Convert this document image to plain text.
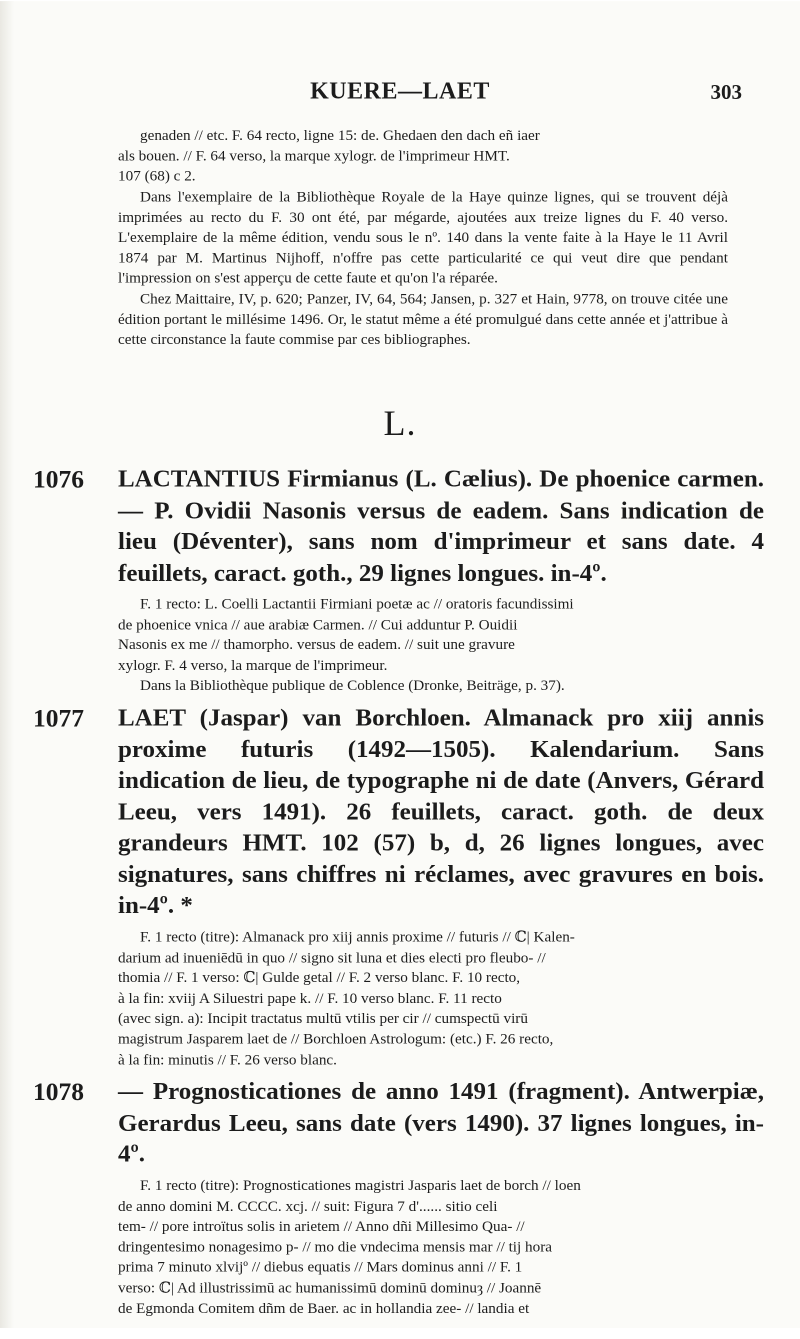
KUERE—LAET	303
genaden // etc. F. 64 recto, ligne 15: de. Ghedaen den dach eñ iaer
als bouen. // F. 64 verso, la marque xylogr. de l'imprimeur HMT.
107 (68) c 2.

Dans l'exemplaire de la Bibliothèque Royale de la Haye quinze lignes, qui se trouvent déjà imprimées au recto du F. 30 ont été, par mégarde, ajoutées aux treize lignes du F. 40 verso. L'exemplaire de la même édition, vendu sous le nº. 140 dans la vente faite à la Haye le 11 Avril 1874 par M. Martinus Nijhoff, n'offre pas cette particularité ce qui veut dire que pendant l'impression on s'est apperçu de cette faute et qu'on l'a réparée.

Chez Maittaire, IV, p. 620; Panzer, IV, 64, 564; Jansen, p. 327 et Hain, 9778, on trouve citée une édition portant le millésime 1496. Or, le statut même a été promulgué dans cette année et j'attribue à cette circonstance la faute commise par ces bibliographes.

L.
1076 LACTANTIUS Firmianus (L. Cælius). De phoenice carmen. — P. Ovidii Nasonis versus de eadem. Sans indication de lieu (Déventer), sans nom d'imprimeur et sans date. 4 feuillets, caract. goth., 29 lignes longues. in-4º.

F. 1 recto: L. Coelli Lactantii Firmiani poetæ ac // oratoris facundissimi
de phoenice vnica // aue arabiæ Carmen. // Cui adduntur P. Ouidii
Nasonis ex me // thamorpho. versus de eadem. // suit une gravure
xylogr. F. 4 verso, la marque de l'imprimeur.
Dans la Bibliothèque publique de Coblence (Dronke, Beiträge, p. 37).
1077 LAET (Jaspar) van Borchloen. Almanack pro xiij annis proxime futuris (1492—1505). Kalendarium. Sans indication de lieu, de typographe ni de date (Anvers, Gérard Leeu, vers 1491). 26 feuillets, caract. goth. de deux grandeurs HMT. 102 (57) b, d, 26 lignes longues, avec signatures, sans chiffres ni réclames, avec gravures en bois. in-4º. *

F. 1 recto (titre): Almanack pro xiij annis proxime // futuris // ℂ| Kalen-
darium ad inueniēdū in quo // signo sit luna et dies electi pro fleubo- //
thomia // F. 1 verso: ℂ| Gulde getal // F. 2 verso blanc. F. 10 recto,
à la fin: xviij A Siluestri pape k. // F. 10 verso blanc. F. 11 recto
(avec sign. a): Incipit tractatus multū vtilis per cir // cumspectū virū
magistrum Jasparem laet de // Borchloen Astrologum: (etc.) F. 26 recto,
à la fin: minutis // F. 26 verso blanc.
1078 — Prognosticationes de anno 1491 (fragment). Antwerpiæ, Gerardus Leeu, sans date (vers 1490). 37 lignes longues, in-4º.

F. 1 recto (titre): Prognosticationes magistri Jasparis laet de borch // loen
de anno domini M. CCCC. xcj. // suit: Figura 7 d'...... sitio celi
tem- // pore introïtus solis in arietem // Anno dñi Millesimo Qua- //
dringentesimo nonagesimo p- // mo die vndecima mensis mar // tij hora
prima 7 minuto xlvijº // diebus equatis // Mars dominus anni // F. 1
verso: ℂ| Ad illustrissimū ac humanissimū dominū dominuȝ // Joannē
de Egmonda Comitem dñm de Baer. ac in hollandia zee- // landia et
